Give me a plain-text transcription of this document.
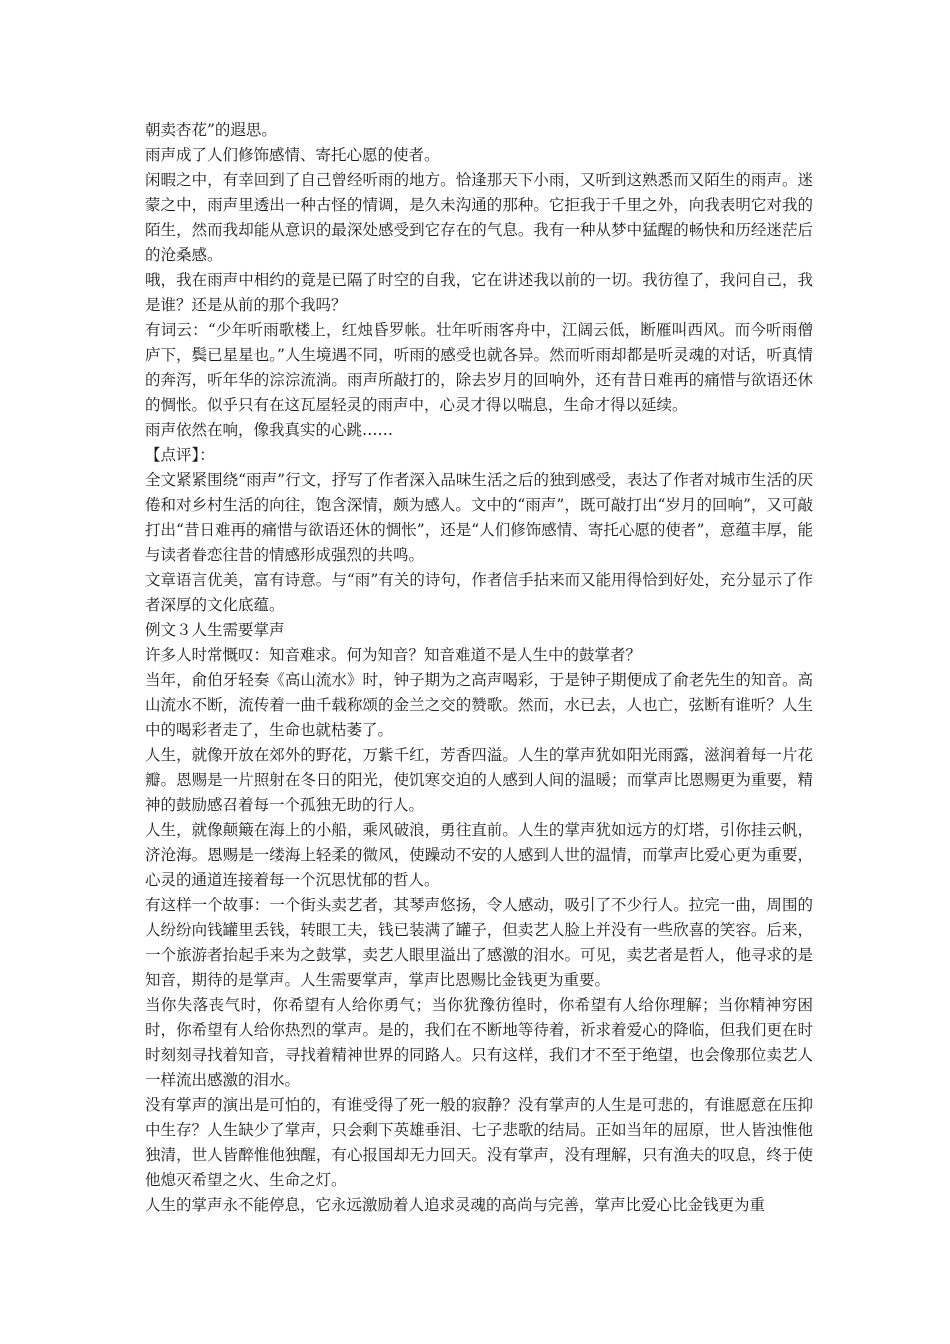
朝卖杏花”的遐思。

雨声成了人们修饰感情、寄托心愿的使者。

闲暇之中，有幸回到了自己曾经听雨的地方。恰逢那天下小雨，又听到这熟悉而又陌生的雨声。迷蒙之中，雨声里透出一种古怪的情调，是久未沟通的那种。它拒我于千里之外，向我表明它对我的陌生，然而我却能从意识的最深处感受到它存在的气息。我有一种从梦中猛醒的畅快和历经迷茫后的沧桑感。

哦，我在雨声中相约的竟是已隔了时空的自我，它在讲述我以前的一切。我彷徨了，我问自己，我是谁？还是从前的那个我吗？

有词云：“少年听雨歌楼上，红烛昏罗帐。壮年听雨客舟中，江阔云低，断雁叫西风。而今听雨僧庐下，鬓已星星也。”人生境遇不同，听雨的感受也就各异。然而听雨却都是听灵魂的对话，听真情的奔泻，听年华的淙淙流淌。雨声所敲打的，除去岁月的回响外，还有昔日难再的痛惜与欲语还休的惆怅。似乎只有在这瓦屋轻灵的雨声中，心灵才得以喘息，生命才得以延续。

雨声依然在响，像我真实的心跳……

【点评】：

全文紧紧围绕“雨声”行文，抒写了作者深入品味生活之后的独到感受，表达了作者对城市生活的厌倦和对乡村生活的向往，饱含深情，颇为感人。文中的“雨声”，既可敲打出“岁月的回响”，又可敲打出“昔日难再的痛惜与欲语还休的惆怅”，还是“人们修饰感情、寄托心愿的使者”，意蕴丰厚，能与读者眷恋往昔的情感形成强烈的共鸣。

文章语言优美，富有诗意。与“雨”有关的诗句，作者信手拈来而又能用得恰到好处，充分显示了作者深厚的文化底蕴。

例文３人生需要掌声

许多人时常慨叹：知音难求。何为知音？知音难道不是人生中的鼓掌者？

当年，俞伯牙轻奏《高山流水》时，钟子期为之高声喝彩，于是钟子期便成了俞老先生的知音。高山流水不断，流传着一曲千载称颂的金兰之交的赞歌。然而，水已去，人也亡，弦断有谁听？人生中的喝彩者走了，生命也就枯萎了。

人生，就像开放在郊外的野花，万紫千红，芳香四溢。人生的掌声犹如阳光雨露，滋润着每一片花瓣。恩赐是一片照射在冬日的阳光，使饥寒交迫的人感到人间的温暖；而掌声比恩赐更为重要，精神的鼓励感召着每一个孤独无助的行人。

人生，就像颠簸在海上的小船，乘风破浪，勇往直前。人生的掌声犹如远方的灯塔，引你挂云帆，济沧海。恩赐是一缕海上轻柔的微风，使躁动不安的人感到人世的温情，而掌声比爱心更为重要，心灵的通道连接着每一个沉思忧郁的哲人。

有这样一个故事：一个街头卖艺者，其琴声悠扬，令人感动，吸引了不少行人。拉完一曲，周围的人纷纷向钱罐里丢钱，转眼工夫，钱已装满了罐子，但卖艺人脸上并没有一些欣喜的笑容。后来，一个旅游者抬起手来为之鼓掌，卖艺人眼里溢出了感激的泪水。可见，卖艺者是哲人，他寻求的是知音，期待的是掌声。人生需要掌声，掌声比恩赐比金钱更为重要。

当你失落丧气时，你希望有人给你勇气；当你犹豫彷徨时，你希望有人给你理解；当你精神穷困时，你希望有人给你热烈的掌声。是的，我们在不断地等待着，祈求着爱心的降临，但我们更在时时刻刻寻找着知音，寻找着精神世界的同路人。只有这样，我们才不至于绝望，也会像那位卖艺人一样流出感激的泪水。

没有掌声的演出是可怕的，有谁受得了死一般的寂静？没有掌声的人生是可悲的，有谁愿意在压抑中生存？人生缺少了掌声，只会剩下英雄垂泪、七子悲歌的结局。正如当年的屈原，世人皆浊惟他独清，世人皆醉惟他独醒，有心报国却无力回天。没有掌声，没有理解，只有渔夫的叹息，终于使他熄灭希望之火、生命之灯。

人生的掌声永不能停息，它永远激励着人追求灵魂的高尚与完善，掌声比爱心比金钱更为重
